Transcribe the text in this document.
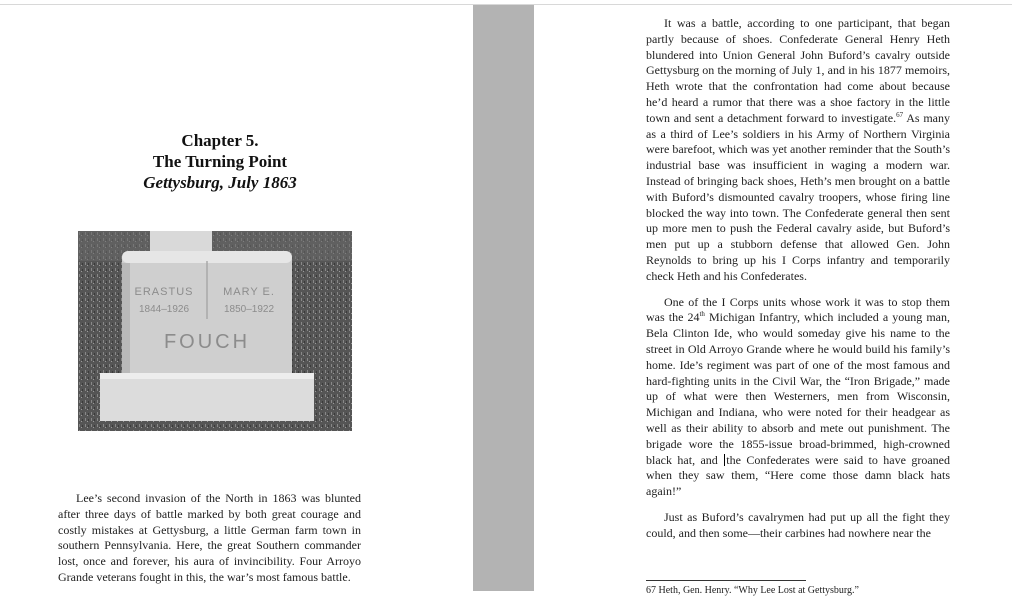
Chapter 5.
The Turning Point
Gettysburg, July 1863
ERASTUS
1844–1926
MARY E.
1850–1922
FOUCH

Lee’s second invasion of the North in 1863 was blunted after three days of battle marked by both great courage and costly mistakes at Gettysburg, a little German farm town in southern Pennsylvania. Here, the great Southern commander lost, once and forever, his aura of invincibility. Four Arroyo Grande veterans fought in this, the war’s most famous battle.

It was a battle, according to one participant, that began partly because of shoes. Confederate General Henry Heth blundered into Union General John Buford’s cavalry outside Gettysburg on the morning of July 1, and in his 1877 memoirs, Heth wrote that the confrontation had come about because he’d heard a rumor that there was a shoe factory in the little town and sent a detachment forward to investigate.$^{67}$ As many as a third of Lee’s soldiers in his Army of Northern Virginia were barefoot, which was yet another reminder that the South’s industrial base was insufficient in waging a modern war. Instead of bringing back shoes, Heth’s men brought on a battle with Buford’s dismounted cavalry troopers, whose firing line blocked the way into town. The Confederate general then sent up more men to push the Federal cavalry aside, but Buford’s men put up a stubborn defense that allowed Gen. John Reynolds to bring up his I Corps infantry and temporarily check Heth and his Confederates.

One of the I Corps units whose work it was to stop them was the 24th Michigan Infantry, which included a young man, Bela Clinton Ide, who would someday give his name to the street in Old Arroyo Grande where he would build his family’s home. Ide’s regiment was part of one of the most famous and hard-fighting units in the Civil War, the “Iron Brigade,” made up of what were then Westerners, men from Wisconsin, Michigan and Indiana, who were noted for their headgear as well as their ability to absorb and mete out punishment. The brigade wore the 1855-issue broad-brimmed, high-crowned black hat, and the Confederates were said to have groaned when they saw them, “Here come those damn black hats again!”

Just as Buford’s cavalrymen had put up all the fight they could, and then some—their carbines had nowhere near the

67 Heth, Gen. Henry. “Why Lee Lost at Gettysburg.”
